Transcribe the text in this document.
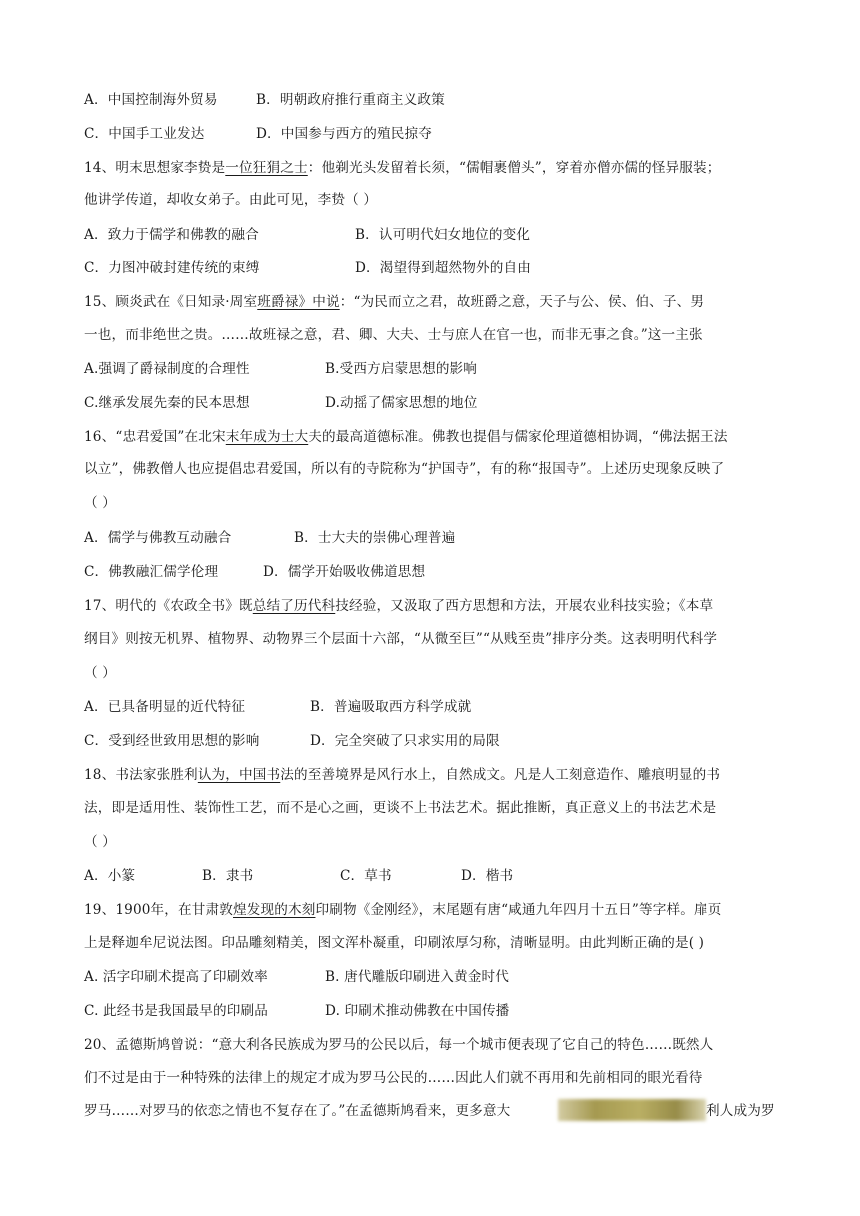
A．中国控制海外贸易	B．明朝政府推行重商主义政策
C．中国手工业发达	D．中国参与西方的殖民掠夺
14、明末思想家李贽是一位狂狷之士：他剃光头发留着长须，“儒帽裹僧头”，穿着亦僧亦儒的怪异服装；
他讲学传道，却收女弟子。由此可见，李贽（ ）
A．致力于儒学和佛教的融合	B．认可明代妇女地位的变化
C．力图冲破封建传统的束缚	D．渴望得到超然物外的自由
15、顾炎武在《日知录·周室班爵禄》中说：“为民而立之君，故班爵之意，天子与公、侯、伯、子、男
一也，而非绝世之贵。……故班禄之意，君、卿、大夫、士与庶人在官一也，而非无事之食。”这一主张
A.强调了爵禄制度的合理性	B.受西方启蒙思想的影响
C.继承发展先秦的民本思想	D.动摇了儒家思想的地位
16、“忠君爱国”在北宋末年成为士大夫的最高道德标准。佛教也提倡与儒家伦理道德相协调，“佛法据王法
以立”，佛教僧人也应提倡忠君爱国，所以有的寺院称为“护国寺”，有的称“报国寺”。上述历史现象反映了
（ ）
A．儒学与佛教互动融合	B．士大夫的崇佛心理普遍
C．佛教融汇儒学伦理	D．儒学开始吸收佛道思想
17、明代的《农政全书》既总结了历代科技经验，又汲取了西方思想和方法，开展农业科技实验；《本草
纲目》则按无机界、植物界、动物界三个层面十六部，“从微至巨”“从贱至贵”排序分类。这表明明代科学
（ ）
A．已具备明显的近代特征	B．普遍吸取西方科学成就
C．受到经世致用思想的影响	D．完全突破了只求实用的局限
18、书法家张胜利认为，中国书法的至善境界是风行水上，自然成文。凡是人工刻意造作、雕痕明显的书
法，即是适用性、装饰性工艺，而不是心之画，更谈不上书法艺术。据此推断，真正意义上的书法艺术是
（ ）
A．小篆	B．隶书	C．草书	D．楷书
19、1900年，在甘肃敦煌发现的木刻印刷物《金刚经》，末尾题有唐“咸通九年四月十五日”等字样。扉页
上是释迦牟尼说法图。印品雕刻精美，图文浑朴凝重，印刷浓厚匀称，清晰显明。由此判断正确的是( )
A. 活字印刷术提高了印刷效率	B. 唐代雕版印刷进入黄金时代
C. 此经书是我国最早的印刷品	D. 印刷术推动佛教在中国传播
20、孟德斯鸠曾说：“意大利各民族成为罗马的公民以后，每一个城市便表现了它自己的特色……既然人
们不过是由于一种特殊的法律上的规定才成为罗马公民的……因此人们就不再用和先前相同的眼光看待
罗马……对罗马的依恋之情也不复存在了。”在孟德斯鸠看来，更多意大	利人成为罗
